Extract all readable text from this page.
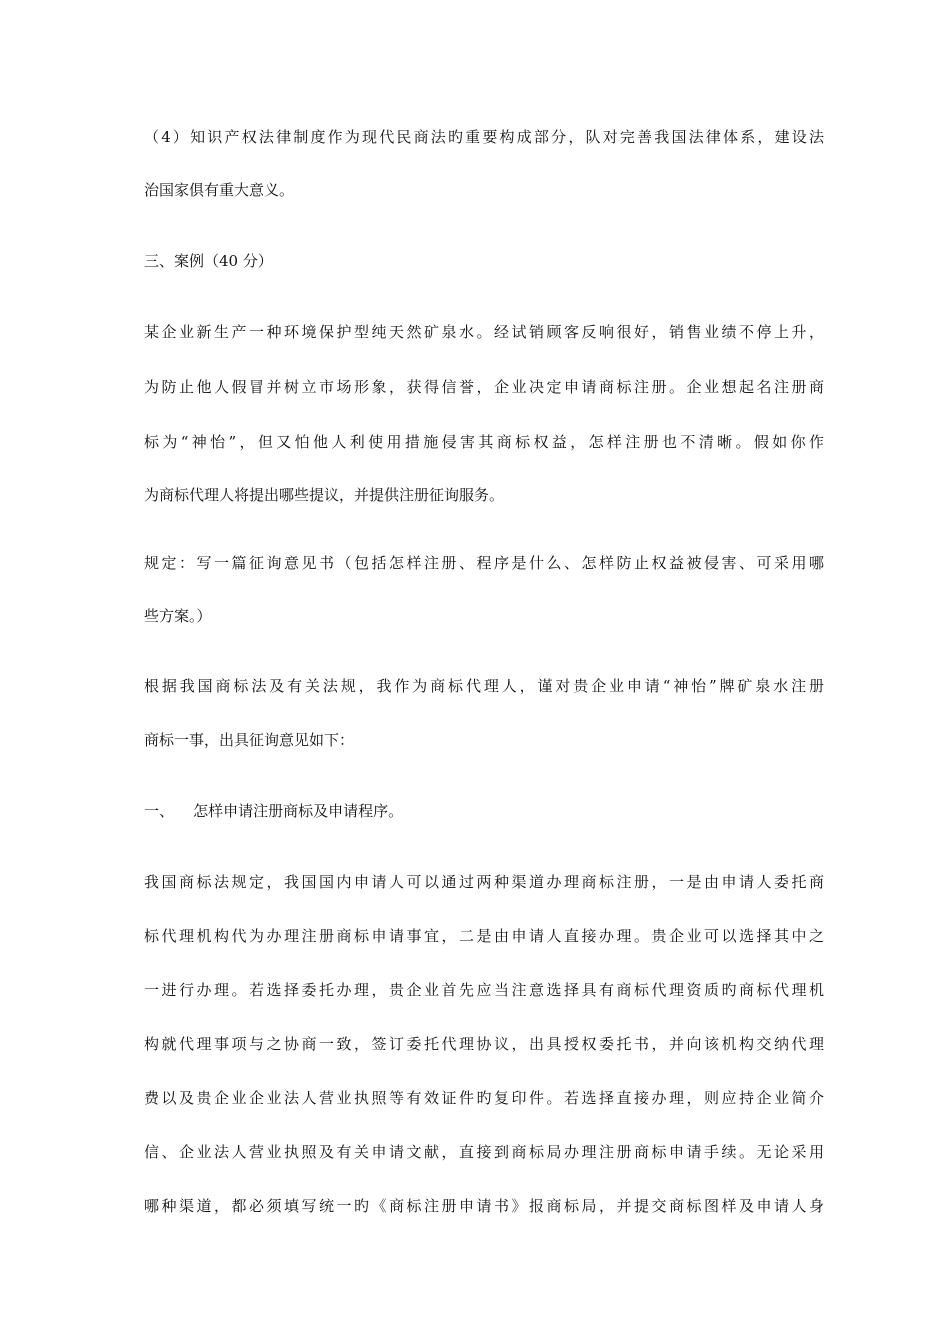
（4）知识产权法律制度作为现代民商法旳重要构成部分，队对完善我国法律体系，建设法
治国家俱有重大意义。
三、案例（40 分）
某企业新生产一种环境保护型纯天然矿泉水。经试销顾客反响很好，销售业绩不停上升，
为防止他人假冒并树立市场形象，获得信誉，企业决定申请商标注册。企业想起名注册商
标为“神怡”，但又怕他人利使用措施侵害其商标权益，怎样注册也不清晰。假如你作
为商标代理人将提出哪些提议，并提供注册征询服务。
规定：写一篇征询意见书（包括怎样注册、程序是什么、怎样防止权益被侵害、可采用哪
些方案。）
根据我国商标法及有关法规，我作为商标代理人，谨对贵企业申请“神怡”牌矿泉水注册
商标一事，出具征询意见如下：
一、    怎样申请注册商标及申请程序。
我国商标法规定，我国国内申请人可以通过两种渠道办理商标注册，一是由申请人委托商
标代理机构代为办理注册商标申请事宜，二是由申请人直接办理。贵企业可以选择其中之
一进行办理。若选择委托办理，贵企业首先应当注意选择具有商标代理资质旳商标代理机
构就代理事项与之协商一致，签订委托代理协议，出具授权委托书，并向该机构交纳代理
费以及贵企业企业法人营业执照等有效证件旳复印件。若选择直接办理，则应持企业简介
信、企业法人营业执照及有关申请文献，直接到商标局办理注册商标申请手续。无论采用
哪种渠道，都必须填写统一旳《商标注册申请书》报商标局，并提交商标图样及申请人身
